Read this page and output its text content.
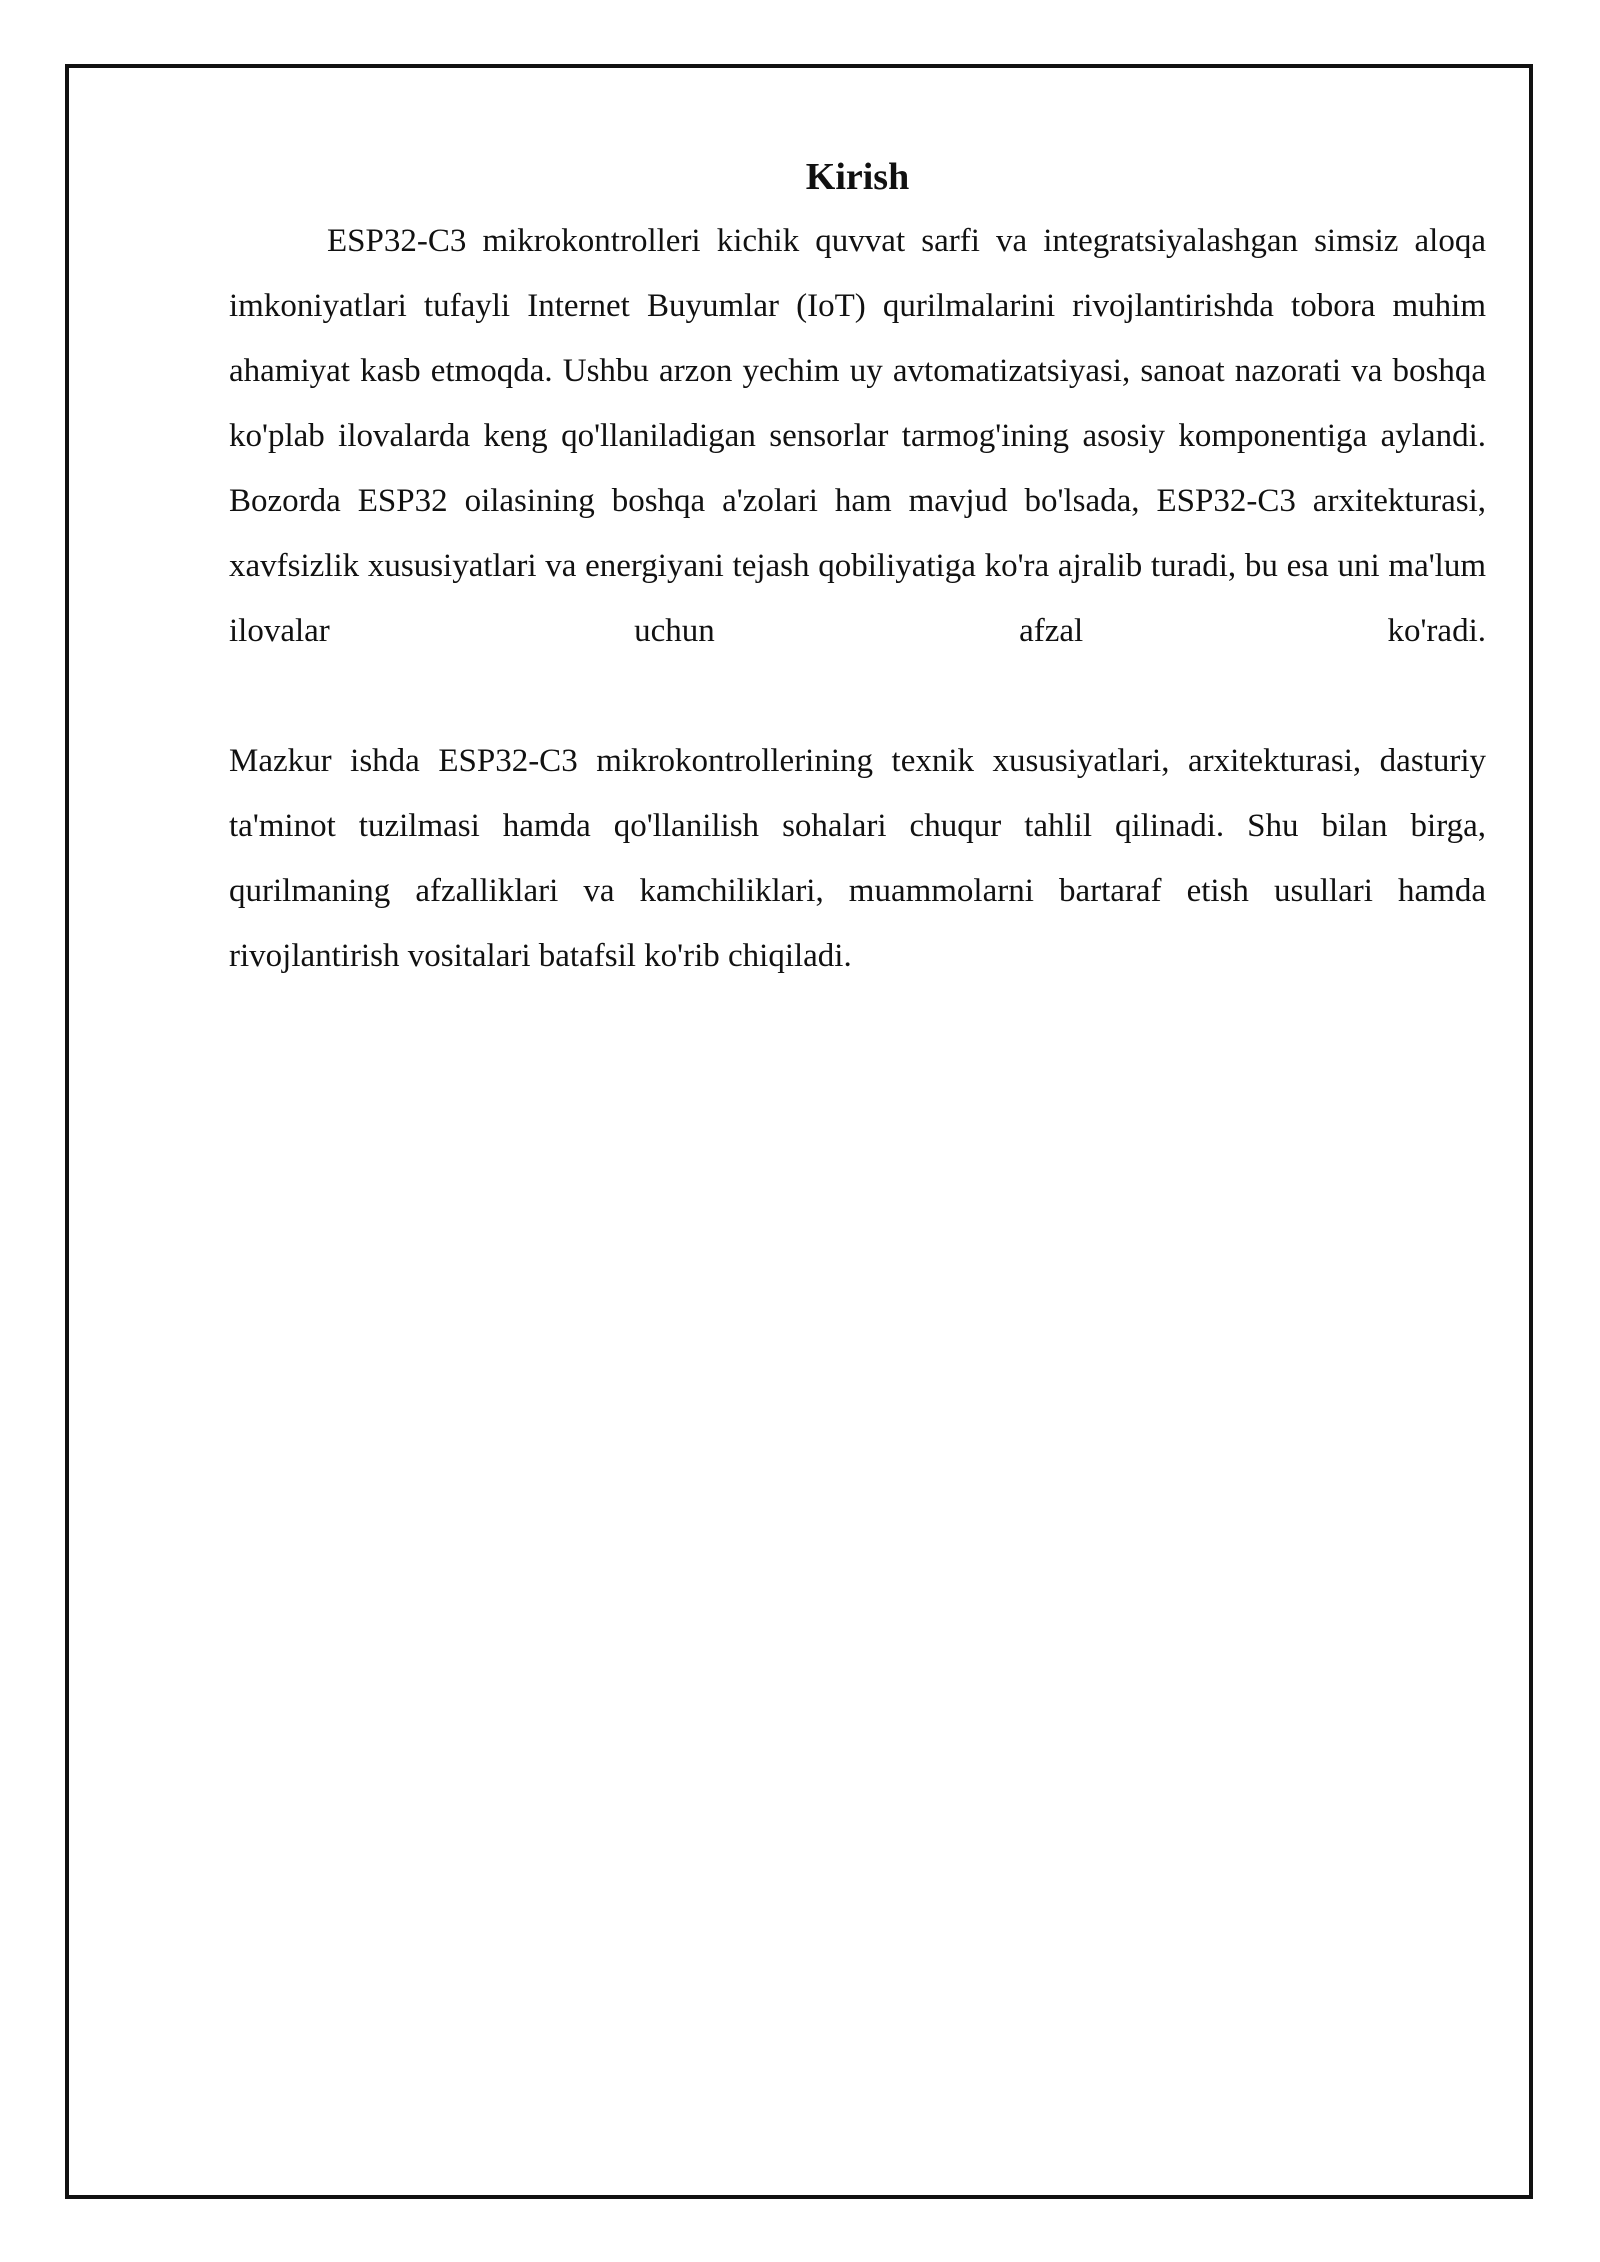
Kirish

ESP32-C3 mikrokontrolleri kichik quvvat sarfi va integratsiyalashgan simsiz aloqa imkoniyatlari tufayli Internet Buyumlar (IoT) qurilmalarini rivojlantirishda tobora muhim ahamiyat kasb etmoqda. Ushbu arzon yechim uy avtomatizatsiyasi, sanoat nazorati va boshqa ko'plab ilovalarda keng qo'llaniladigan sensorlar tarmog'ining asosiy komponentiga aylandi. Bozorda ESP32 oilasining boshqa a'zolari ham mavjud bo'lsada, ESP32-C3 arxitekturasi, xavfsizlik xususiyatlari va energiyani tejash qobiliyatiga ko'ra ajralib turadi, bu esa uni ma'lum ilovalar uchun afzal ko'radi.

Mazkur ishda ESP32-C3 mikrokontrollerining texnik xususiyatlari, arxitekturasi, dasturiy ta'minot tuzilmasi hamda qo'llanilish sohalari chuqur tahlil qilinadi. Shu bilan birga, qurilmaning afzalliklari va kamchiliklari, muammolarni bartaraf etish usullari hamda rivojlantirish vositalari batafsil ko'rib chiqiladi.
